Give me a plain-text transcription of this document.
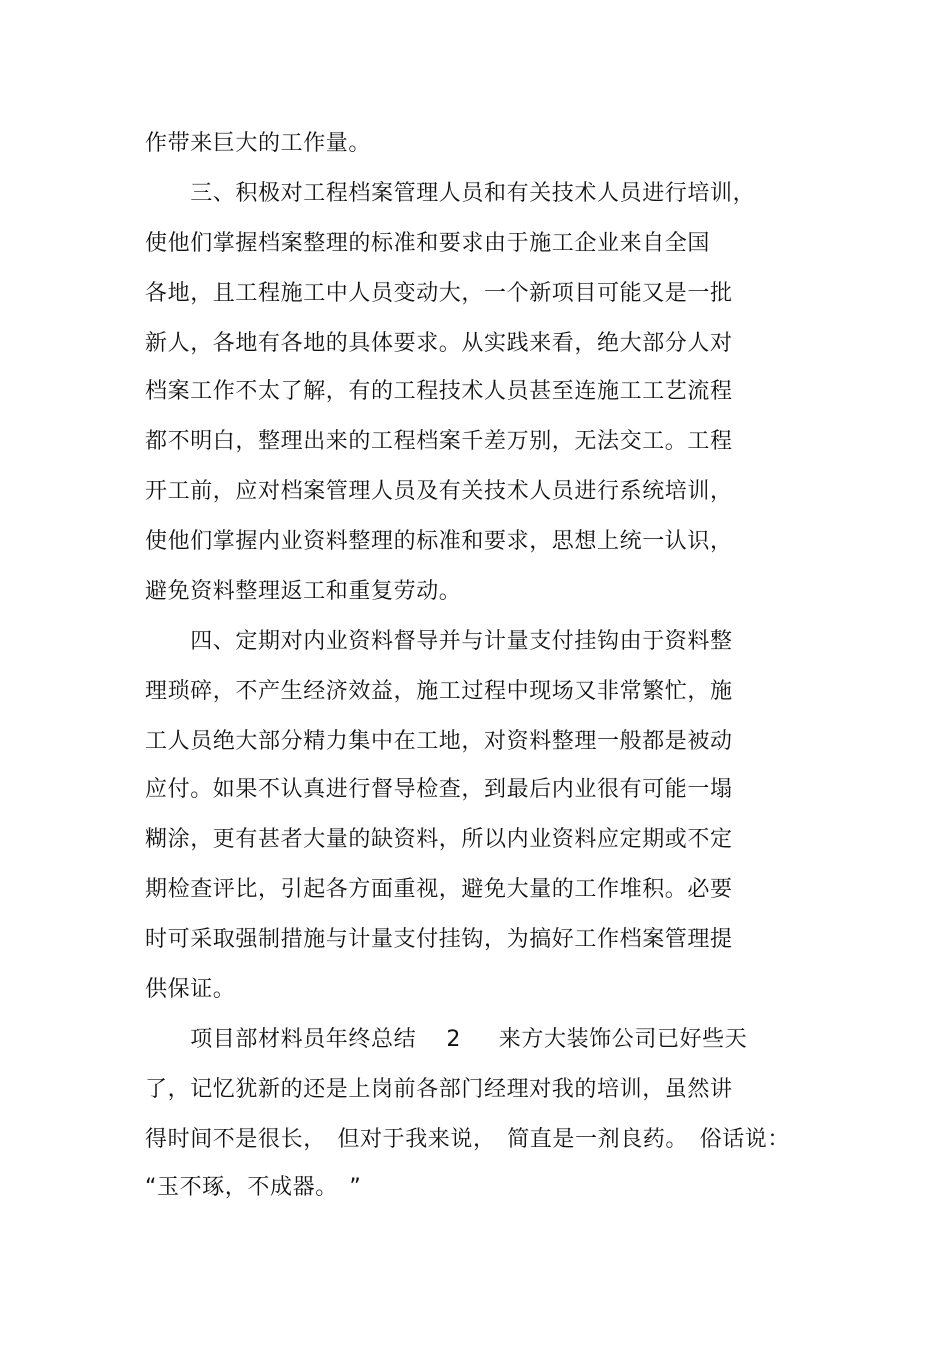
作带来巨大的工作量。
　　三、积极对工程档案管理人员和有关技术人员进行培训，
使他们掌握档案整理的标准和要求由于施工企业来自全国
各地，且工程施工中人员变动大，一个新项目可能又是一批
新人，各地有各地的具体要求。从实践来看，绝大部分人对
档案工作不太了解，有的工程技术人员甚至连施工工艺流程
都不明白，整理出来的工程档案千差万别，无法交工。工程
开工前，应对档案管理人员及有关技术人员进行系统培训，
使他们掌握内业资料整理的标准和要求，思想上统一认识，
避免资料整理返工和重复劳动。
　　四、定期对内业资料督导并与计量支付挂钩由于资料整
理琐碎，不产生经济效益，施工过程中现场又非常繁忙，施
工人员绝大部分精力集中在工地，对资料整理一般都是被动
应付。如果不认真进行督导检查，到最后内业很有可能一塌
糊涂，更有甚者大量的缺资料，所以内业资料应定期或不定
期检查评比，引起各方面重视，避免大量的工作堆积。必要
时可采取强制措施与计量支付挂钩，为搞好工作档案管理提
供保证。
　　项目部材料员年终总结　 2 　 来方大装饰公司已好些天
了，记忆犹新的还是上岗前各部门经理对我的培训，虽然讲
得时间不是很长，　但对于我来说，　简直是一剂良药。　俗话说：
“玉不琢，不成器。　”
